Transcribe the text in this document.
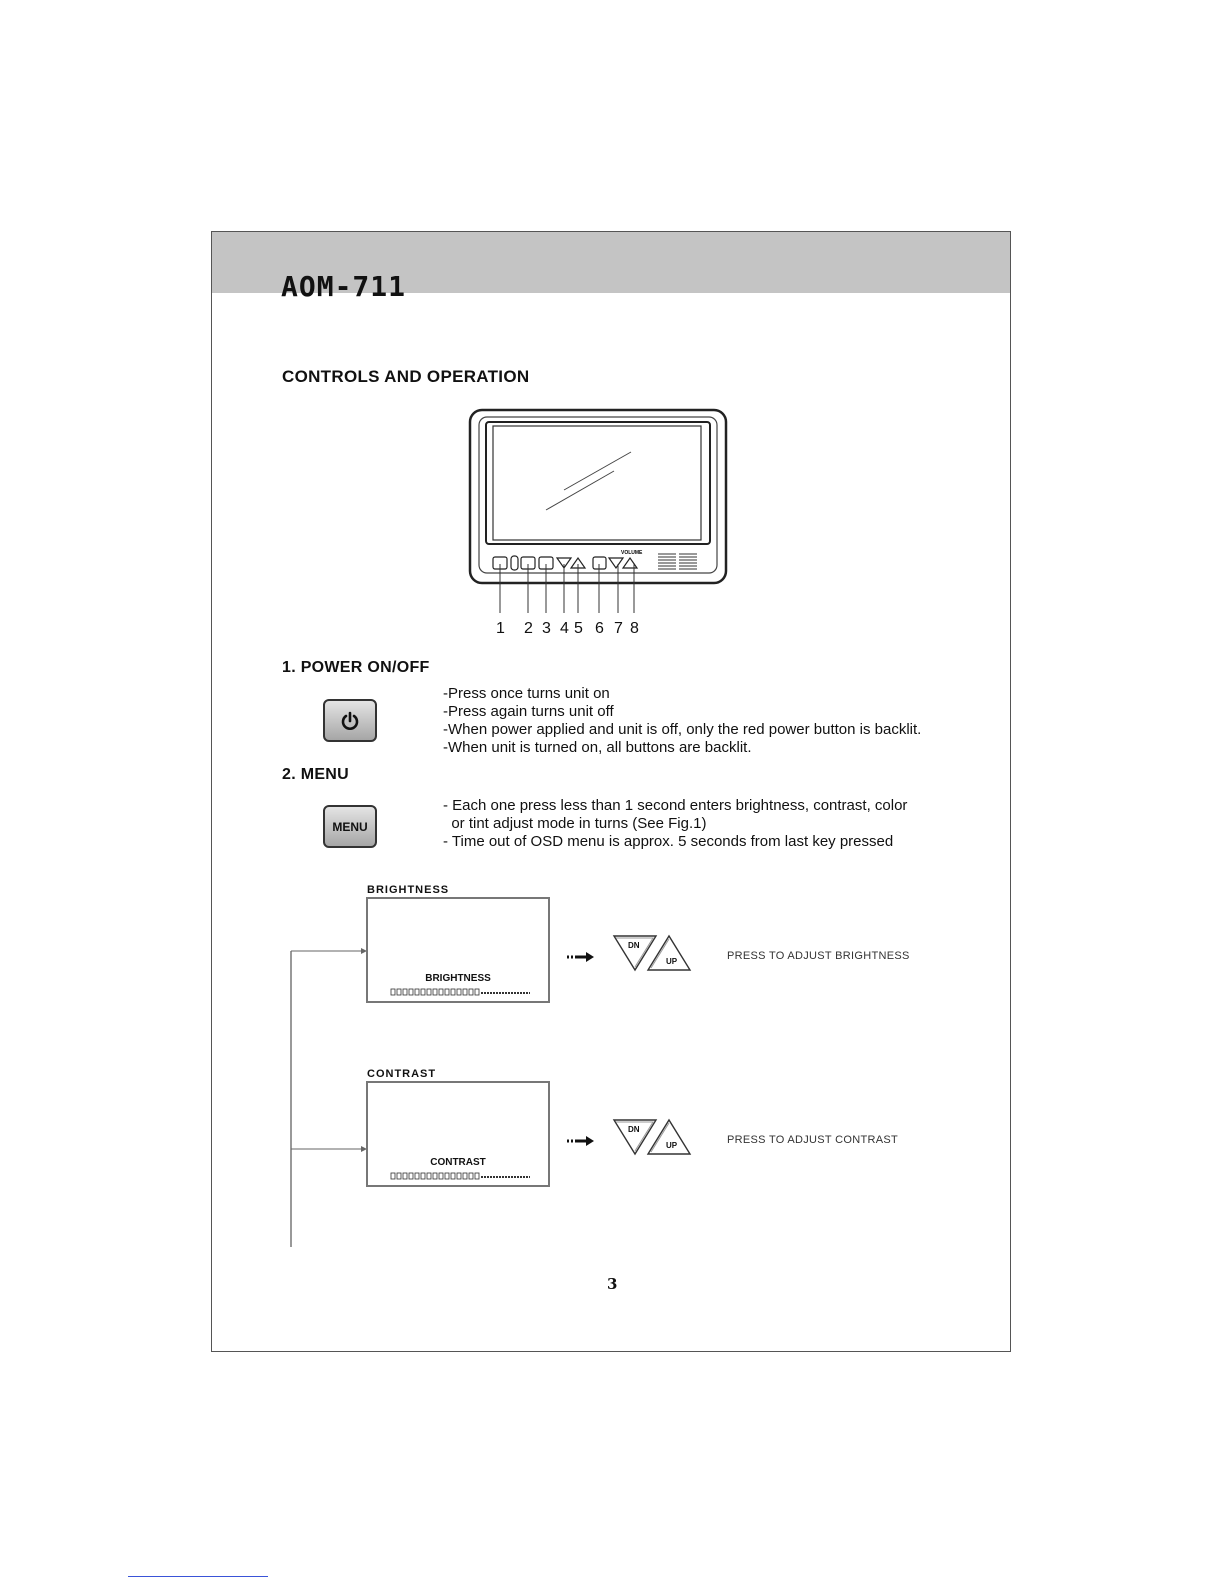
AOM-711
CONTROLS AND OPERATION
VOLUME
1 2 3 4 5 6 7 8
1. POWER ON/OFF
-Press once turns unit on
-Press again turns unit off
-When power applied and unit is off, only the red power button is backlit.
-When unit is turned on, all buttons are backlit.
2. MENU
MENU
- Each one press less than 1 second enters brightness, contrast, color
or tint adjust mode in turns (See Fig.1)
- Time out of OSD menu is approx. 5 seconds from last key pressed
BRIGHTNESS
BRIGHTNESS
DN
UP	PRESS TO ADJUST BRIGHTNESS
CONTRAST
CONTRAST
DN
UP	PRESS TO ADJUST CONTRAST
3
